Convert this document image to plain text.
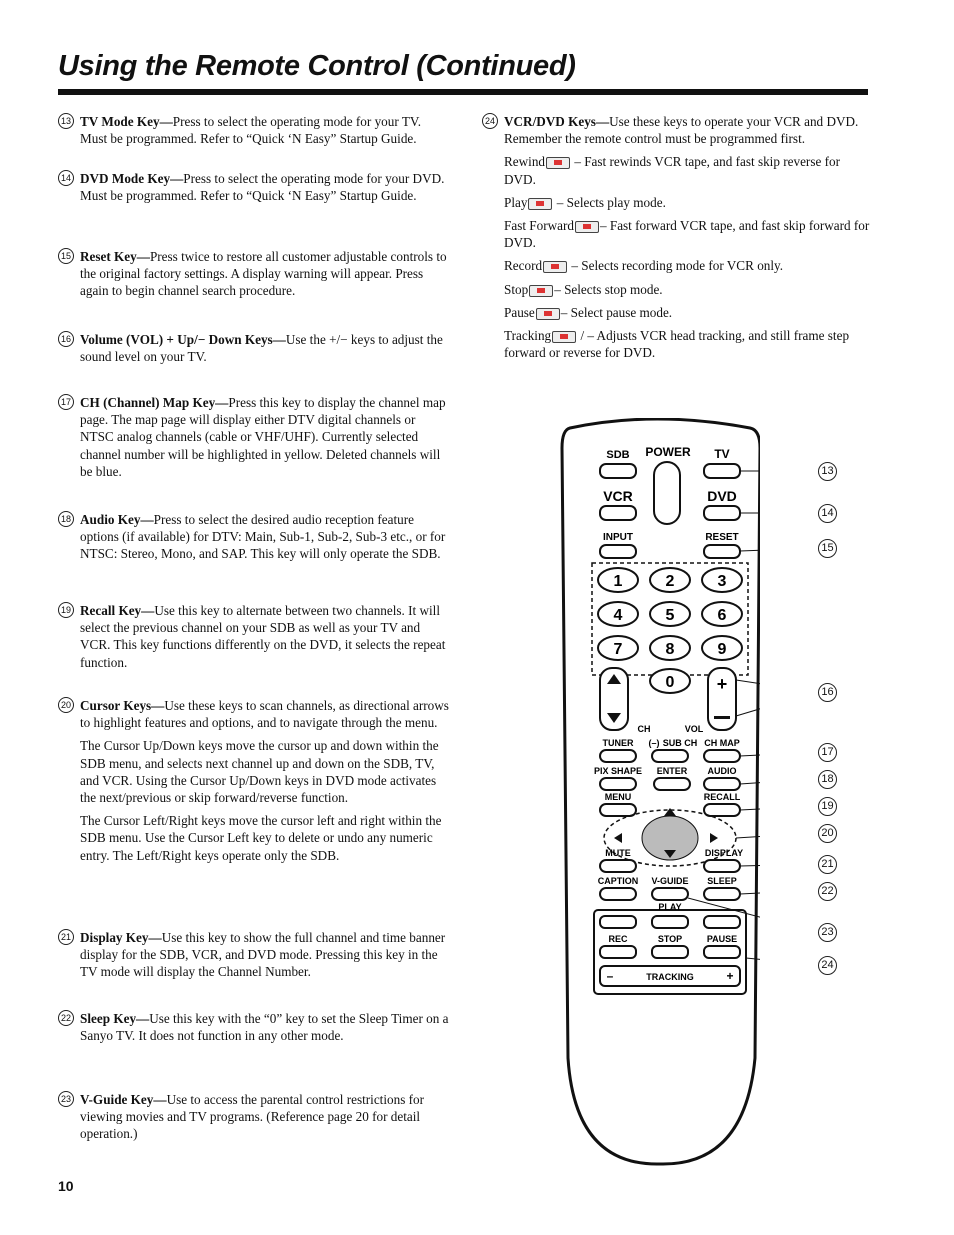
Using the Remote Control (Continued)
13 TV Mode Key—Press to select the operating mode for your TV. Must be programmed. Refer to “Quick ‘N Easy” Startup Guide.

14 DVD Mode Key—Press to select the operating mode for your DVD. Must be programmed. Refer to “Quick ‘N Easy” Startup Guide.

15 Reset Key—Press twice to restore all customer adjustable controls to the original factory settings. A display warning will appear. Press again to begin channel search procedure.

16 Volume (VOL) + Up/− Down Keys—Use the +/− keys to adjust the sound level on your TV.

17 CH (Channel) Map Key—Press this key to display the channel map page. The map page will display either DTV digital channels or NTSC analog channels (cable or VHF/UHF). Currently selected channel number will be highlighted in yellow. Deleted channels will be blue.

18 Audio Key—Press to select the desired audio reception feature options (if available) for DTV: Main, Sub-1, Sub-2, Sub-3 etc., or for NTSC: Stereo, Mono, and SAP. This key will only operate the SDB.

19 Recall Key—Use this key to alternate between two channels. It will select the previous channel on your SDB as well as your TV and VCR. This key functions differently on the DVD, it selects the repeat function.

20 Cursor Keys—Use these keys to scan channels, as directional arrows to highlight features and options, and to navigate through the menu.

The Cursor Up/Down keys move the cursor up and down within the SDB menu, and selects next channel up and down on the SDB, TV, and VCR. Using the Cursor Up/Down keys in DVD mode activates the next/previous or skip forward/reverse function.

The Cursor Left/Right keys move the cursor left and right within the SDB menu. Use the Cursor Left key to delete or undo any numeric entry. The Left/Right keys operate only the SDB.

21 Display Key—Use this key to show the full channel and time banner display for the SDB, VCR, and DVD mode. Pressing this key in the TV mode will display the Channel Number.

22 Sleep Key—Use this key with the “0” key to set the Sleep Timer on a Sanyo TV. It does not function in any other mode.

23 V-Guide Key—Use to access the parental control restrictions for viewing movies and TV programs. (Reference page 20 for detail operation.)

24 VCR/DVD Keys—Use these keys to operate your VCR and DVD. Remember the remote control must be programmed first.

Rewind – Fast rewinds VCR tape, and fast skip reverse for DVD.

Play – Selects play mode.

Fast Forward – Fast forward VCR tape, and fast skip forward for DVD.

Record – Selects recording mode for VCR only.

Stop – Selects stop mode.

Pause – Select pause mode.

Tracking / – Adjusts VCR head tracking, and still frame step forward or reverse for DVD.

SDB POWER TV
VCR	DVD
INPUT	RESET
1	2	3
4	5	6
7	8	9
0
CH
+
VOL
TUNER (–) SUB CH CH MAP
PIX SHAPE ENTER AUDIO
MENU	RECALL
MUTE	DISPLAY
CAPTION V-GUIDE SLEEP
PLAY
REC	STOP	PAUSE
–	TRACKING	+
13
14
15
16
17
18
19
20
21
22
23
24
10
